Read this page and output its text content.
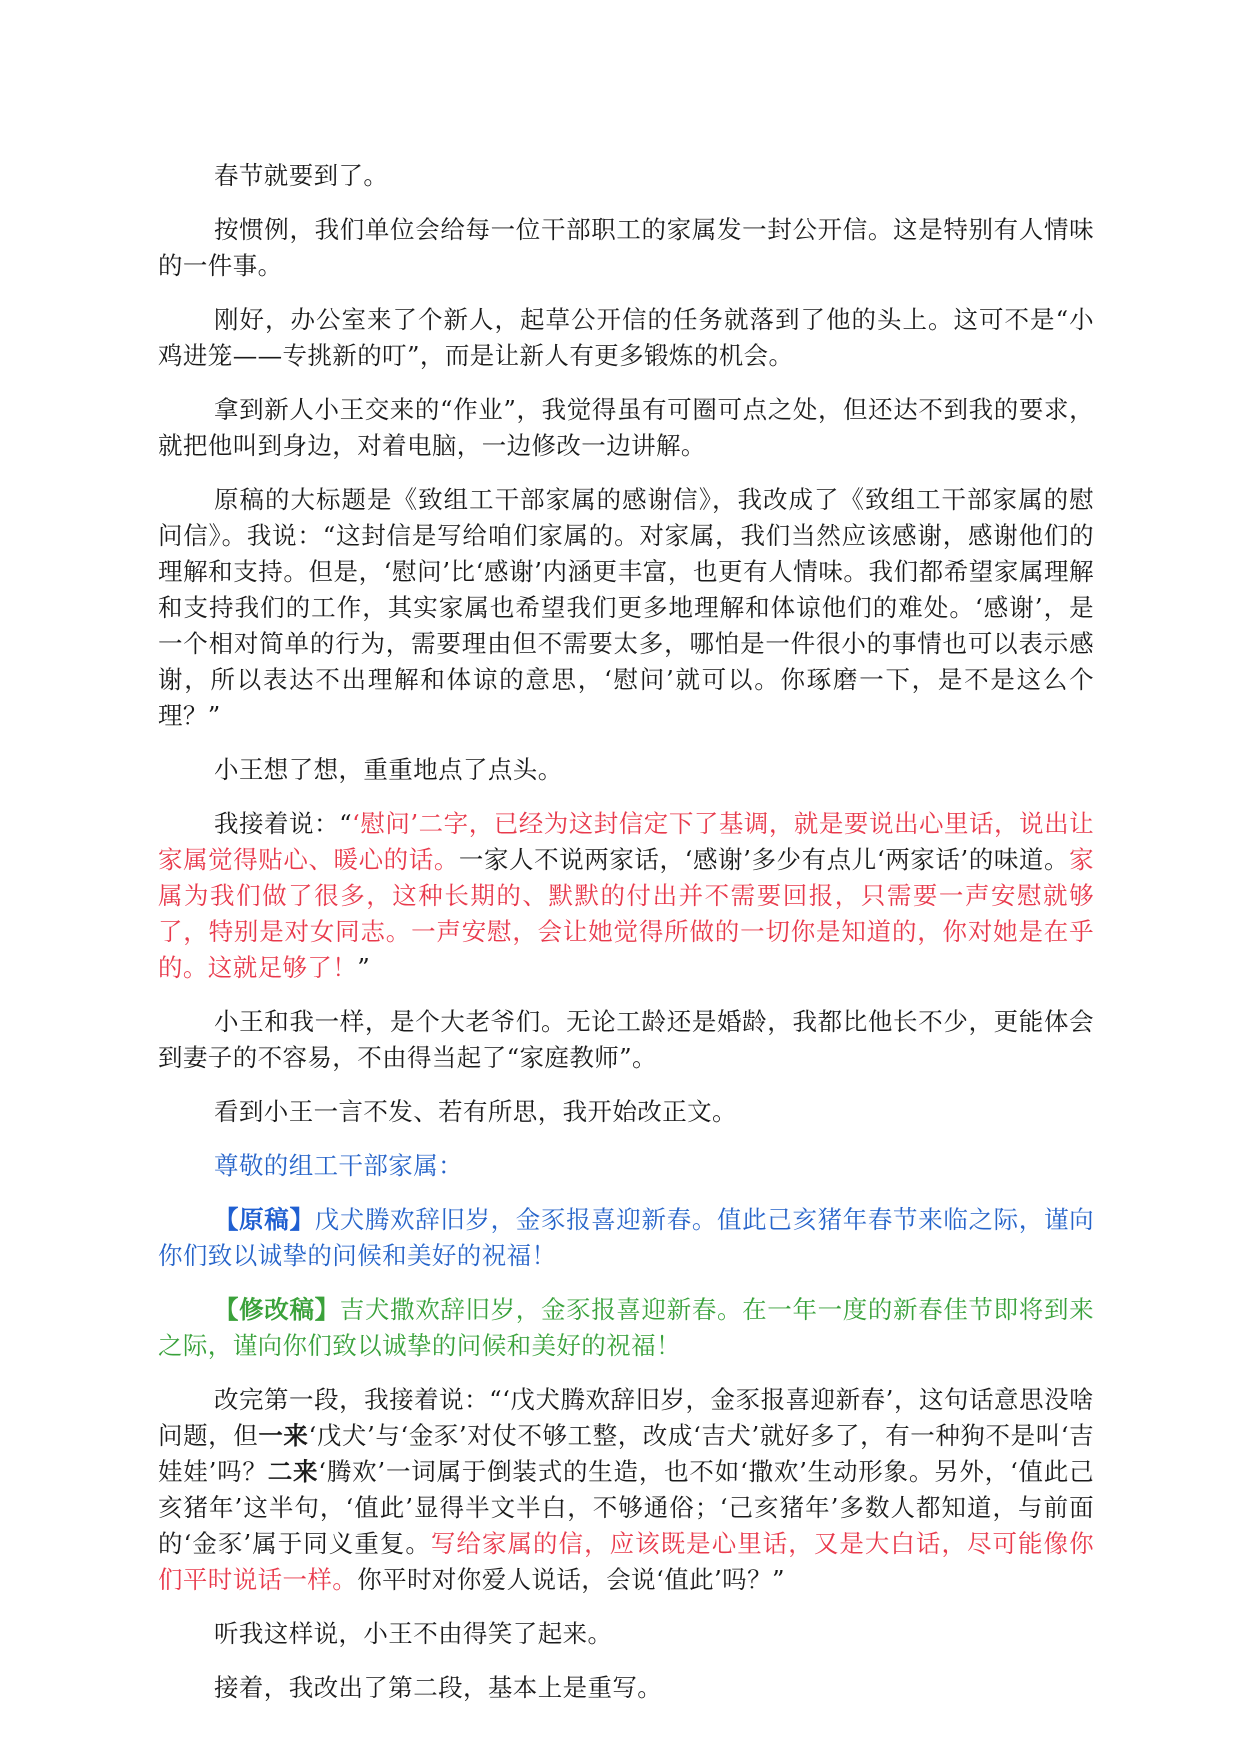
春节就要到了。

按惯例，我们单位会给每一位干部职工的家属发一封公开信。这是特别有人情味的一件事。

刚好，办公室来了个新人，起草公开信的任务就落到了他的头上。这可不是“小鸡进笼——专挑新的叮”，而是让新人有更多锻炼的机会。

拿到新人小王交来的“作业”，我觉得虽有可圈可点之处，但还达不到我的要求，就把他叫到身边，对着电脑，一边修改一边讲解。

原稿的大标题是《致组工干部家属的感谢信》，我改成了《致组工干部家属的慰问信》。我说：“这封信是写给咱们家属的。对家属，我们当然应该感谢，感谢他们的理解和支持。但是，‘慰问’比‘感谢’内涵更丰富，也更有人情味。我们都希望家属理解和支持我们的工作，其实家属也希望我们更多地理解和体谅他们的难处。‘感谢’，是一个相对简单的行为，需要理由但不需要太多，哪怕是一件很小的事情也可以表示感谢，所以表达不出理解和体谅的意思，‘慰问’就可以。你琢磨一下，是不是这么个理？”

小王想了想，重重地点了点头。

我接着说：“‘慰问’二字，已经为这封信定下了基调，就是要说出心里话，说出让家属觉得贴心、暖心的话。一家人不说两家话，‘感谢’多少有点儿‘两家话’的味道。家属为我们做了很多，这种长期的、默默的付出并不需要回报，只需要一声安慰就够了，特别是对女同志。一声安慰，会让她觉得所做的一切你是知道的，你对她是在乎的。这就足够了！”

小王和我一样，是个大老爷们。无论工龄还是婚龄，我都比他长不少，更能体会到妻子的不容易，不由得当起了“家庭教师”。

看到小王一言不发、若有所思，我开始改正文。

尊敬的组工干部家属：

【原稿】戊犬腾欢辞旧岁，金豕报喜迎新春。值此己亥猪年春节来临之际，谨向你们致以诚挚的问候和美好的祝福！

【修改稿】吉犬撒欢辞旧岁，金豕报喜迎新春。在一年一度的新春佳节即将到来之际，谨向你们致以诚挚的问候和美好的祝福！

改完第一段，我接着说：“‘戊犬腾欢辞旧岁，金豕报喜迎新春’，这句话意思没啥问题，但一来‘戊犬’与‘金豕’对仗不够工整，改成‘吉犬’就好多了，有一种狗不是叫‘吉娃娃’吗？二来‘腾欢’一词属于倒装式的生造，也不如‘撒欢’生动形象。另外，‘值此己亥猪年’这半句，‘值此’显得半文半白，不够通俗；‘己亥猪年’多数人都知道，与前面的‘金豕’属于同义重复。写给家属的信，应该既是心里话，又是大白话，尽可能像你们平时说话一样。你平时对你爱人说话，会说‘值此’吗？”

听我这样说，小王不由得笑了起来。

接着，我改出了第二段，基本上是重写。
